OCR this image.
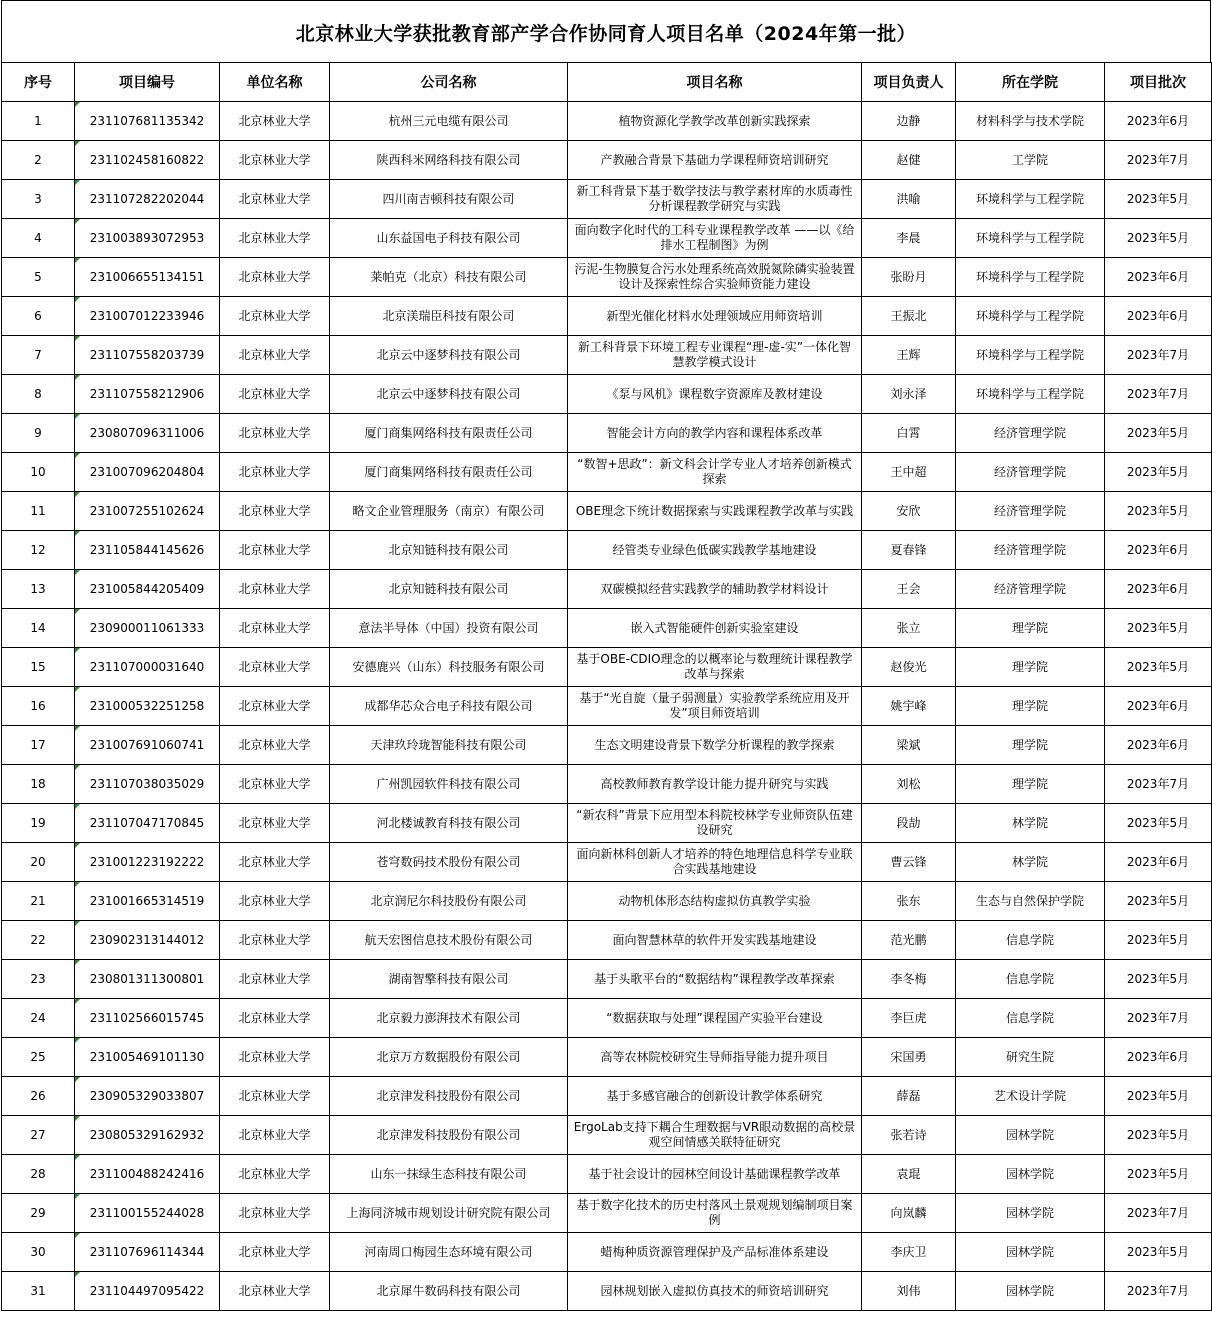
北京林业大学获批教育部产学合作协同育人项目名单（2024年第一批）
序号	项目编号	单位名称	公司名称	项目名称	项目负责人	所在学院	项目批次
1	231107681135342	北京林业大学	杭州三元电缆有限公司	植物资源化学教学改革创新实践探索	边静	材料科学与技术学院	2023年6月
2	231102458160822	北京林业大学	陕西科米网络科技有限公司	产教融合背景下基础力学课程师资培训研究	赵健	工学院	2023年7月
3	231107282202044	北京林业大学	四川南吉顿科技有限公司	新工科背景下基于数学技法与教学素材库的水质毒性分析课程教学研究与实践	洪喻	环境科学与工程学院	2023年5月
4	231003893072953	北京林业大学	山东益国电子科技有限公司	面向数字化时代的工科专业课程教学改革 ——以《给排水工程制图》为例	李晨	环境科学与工程学院	2023年5月
5	231006655134151	北京林业大学	莱帕克（北京）科技有限公司	污泥-生物膜复合污水处理系统高效脱氮除磷实验装置设计及探索性综合实验师资能力建设	张盼月	环境科学与工程学院	2023年6月
6	231007012233946	北京林业大学	北京渼瑞臣科技有限公司	新型光催化材料水处理领域应用师资培训	王振北	环境科学与工程学院	2023年6月
7	231107558203739	北京林业大学	北京云中逐梦科技有限公司	新工科背景下环境工程专业课程“理-虚-实”一体化智慧教学模式设计	王辉	环境科学与工程学院	2023年7月
8	231107558212906	北京林业大学	北京云中逐梦科技有限公司	《泵与风机》课程数字资源库及教材建设	刘永泽	环境科学与工程学院	2023年7月
9	230807096311006	北京林业大学	厦门商集网络科技有限责任公司	智能会计方向的教学内容和课程体系改革	白霄	经济管理学院	2023年5月
10	231007096204804	北京林业大学	厦门商集网络科技有限责任公司	“数智+思政”：新文科会计学专业人才培养创新模式探索	王中超	经济管理学院	2023年5月
11	231007255102624	北京林业大学	略文企业管理服务（南京）有限公司	OBE理念下统计数据探索与实践课程教学改革与实践	安欣	经济管理学院	2023年5月
12	231105844145626	北京林业大学	北京知链科技有限公司	经管类专业绿色低碳实践教学基地建设	夏春锋	经济管理学院	2023年6月
13	231005844205409	北京林业大学	北京知链科技有限公司	双碳模拟经营实践教学的辅助教学材料设计	王会	经济管理学院	2023年6月
14	230900011061333	北京林业大学	意法半导体（中国）投资有限公司	嵌入式智能硬件创新实验室建设	张立	理学院	2023年5月
15	231107000031640	北京林业大学	安德鹿兴（山东）科技服务有限公司	基于OBE-CDIO理念的以概率论与数理统计课程教学改革与探索	赵俊光	理学院	2023年5月
16	231000532251258	北京林业大学	成都华芯众合电子科技有限公司	基于“光自旋（量子弱测量）实验教学系统应用及开发”项目师资培训	姚宇峰	理学院	2023年6月
17	231007691060741	北京林业大学	天津玖玲珑智能科技有限公司	生态文明建设背景下数学分析课程的教学探索	梁斌	理学院	2023年6月
18	231107038035029	北京林业大学	广州凯园软件科技有限公司	高校教师教育教学设计能力提升研究与实践	刘松	理学院	2023年7月
19	231107047170845	北京林业大学	河北楼诚教育科技有限公司	“新农科”背景下应用型本科院校林学专业师资队伍建设研究	段劼	林学院	2023年5月
20	231001223192222	北京林业大学	苍穹数码技术股份有限公司	面向新林科创新人才培养的特色地理信息科学专业联合实践基地建设	曹云锋	林学院	2023年6月
21	231001665314519	北京林业大学	北京润尼尔科技股份有限公司	动物机体形态结构虚拟仿真教学实验	张东	生态与自然保护学院	2023年5月
22	230902313144012	北京林业大学	航天宏图信息技术股份有限公司	面向智慧林草的软件开发实践基地建设	范光鹏	信息学院	2023年5月
23	230801311300801	北京林业大学	湖南智擎科技有限公司	基于头歌平台的“数据结构”课程教学改革探索	李冬梅	信息学院	2023年5月
24	231102566015745	北京林业大学	北京毅力澎湃技术有限公司	“数据获取与处理”课程国产实验平台建设	李巨虎	信息学院	2023年7月
25	231005469101130	北京林业大学	北京万方数据股份有限公司	高等农林院校研究生导师指导能力提升项目	宋国勇	研究生院	2023年6月
26	230905329033807	北京林业大学	北京津发科技股份有限公司	基于多感官融合的创新设计教学体系研究	薛磊	艺术设计学院	2023年5月
27	230805329162932	北京林业大学	北京津发科技股份有限公司	ErgoLab支持下耦合生理数据与VR眼动数据的高校景观空间情感关联特征研究	张若诗	园林学院	2023年5月
28	231100488242416	北京林业大学	山东一抹绿生态科技有限公司	基于社会设计的园林空间设计基础课程教学改革	袁琨	园林学院	2023年5月
29	231100155244028	北京林业大学	上海同济城市规划设计研究院有限公司	基于数字化技术的历史村落风土景观规划编制项目案例	向岚麟	园林学院	2023年7月
30	231107696114344	北京林业大学	河南周口梅园生态环境有限公司	蜡梅种质资源管理保护及产品标准体系建设	李庆卫	园林学院	2023年5月
31	231104497095422	北京林业大学	北京犀牛数码科技有限公司	园林规划嵌入虚拟仿真技术的师资培训研究	刘伟	园林学院	2023年7月
